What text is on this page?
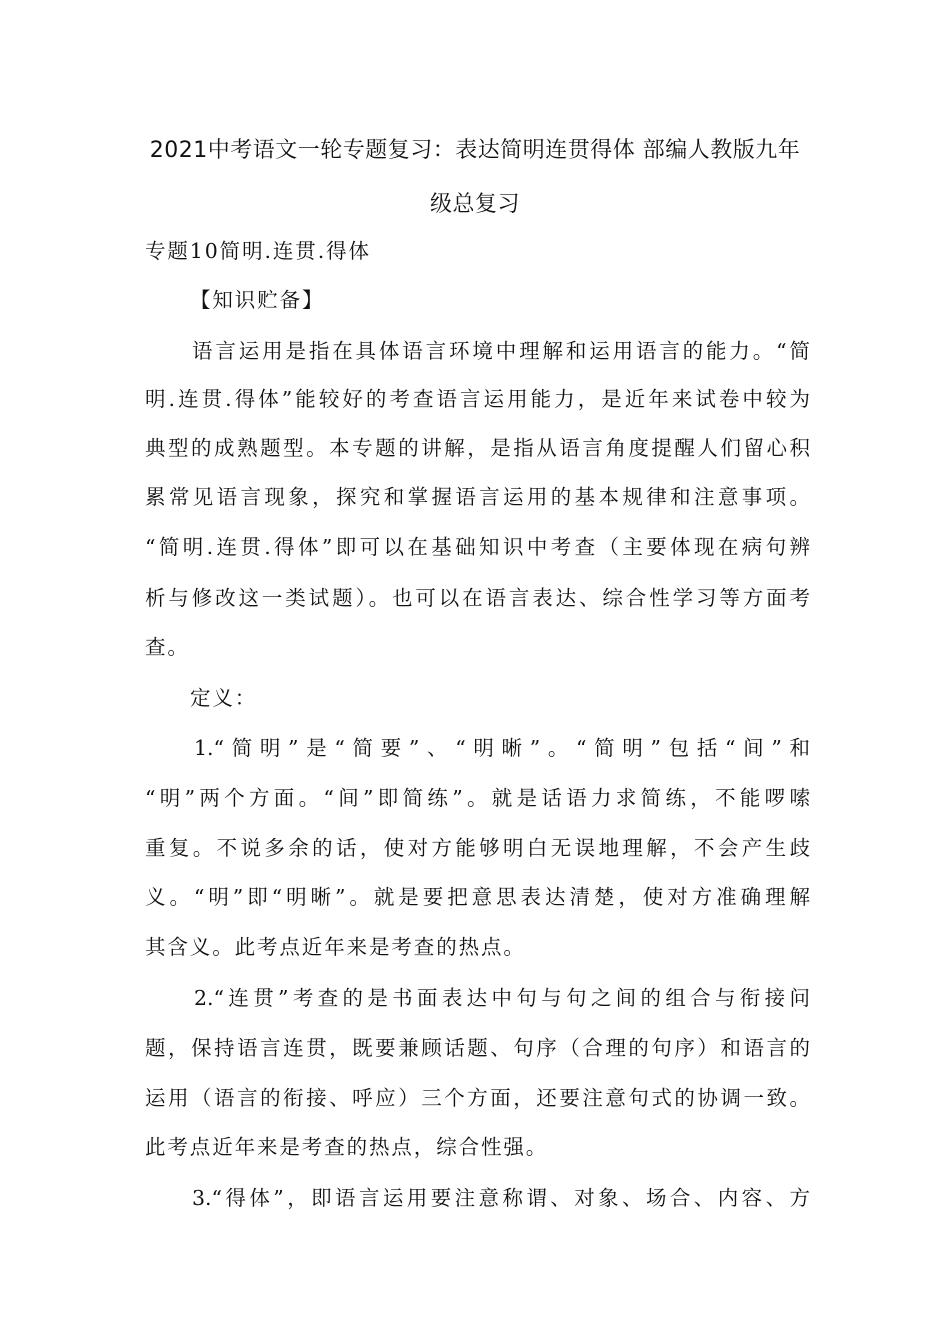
2021中考语文一轮专题复习：表达简明连贯得体 部编人教版九年
级总复习
专题10简明.连贯.得体
【知识贮备】
语言运用是指在具体语言环境中理解和运用语言的能力。“简
明.连贯.得体”能较好的考查语言运用能力，是近年来试卷中较为
典型的成熟题型。本专题的讲解，是指从语言角度提醒人们留心积
累常见语言现象，探究和掌握语言运用的基本规律和注意事项。
“简明.连贯.得体”即可以在基础知识中考查（主要体现在病句辨
析与修改这一类试题）。也可以在语言表达、综合性学习等方面考
查。
定义：
1.“简明”是“简要”、“明晰”。“简明”包括“间”和
“明”两个方面。“间”即简练”。就是话语力求简练，不能啰嗦
重复。不说多余的话，使对方能够明白无误地理解，不会产生歧
义。“明”即“明晰”。就是要把意思表达清楚，使对方准确理解
其含义。此考点近年来是考查的热点。
2.“连贯”考查的是书面表达中句与句之间的组合与衔接问
题，保持语言连贯，既要兼顾话题、句序（合理的句序）和语言的
运用（语言的衔接、呼应）三个方面，还要注意句式的协调一致。
此考点近年来是考查的热点，综合性强。
3.“得体”，即语言运用要注意称谓、对象、场合、内容、方
